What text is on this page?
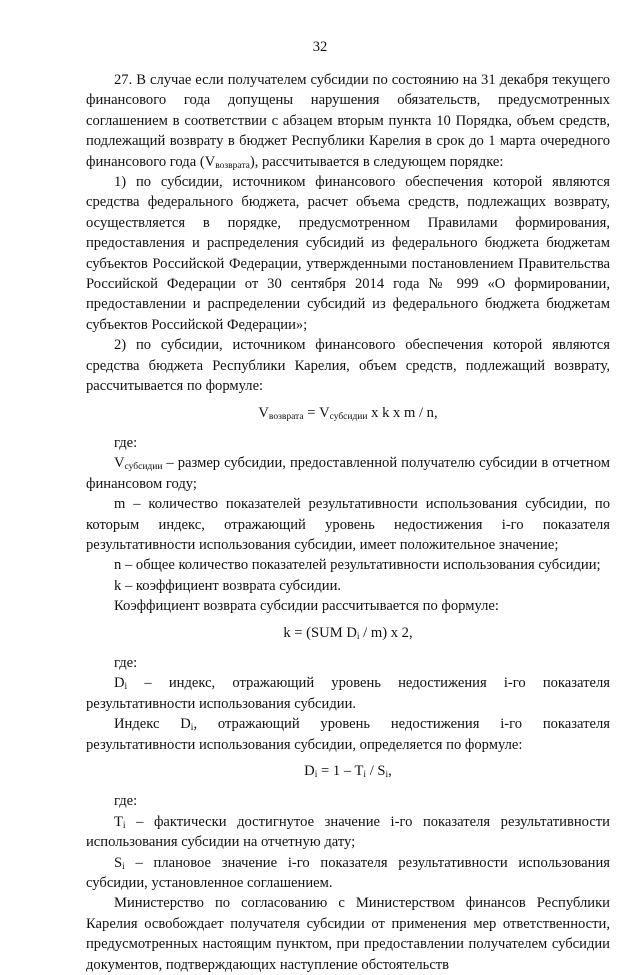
32

27. В случае если получателем субсидии по состоянию на 31 декабря текущего финансового года допущены нарушения обязательств, предусмотренных соглашением в соответствии с абзацем вторым пункта 10 Порядка, объем средств, подлежащий возврату в бюджет Республики Карелия в срок до 1 марта очередного финансового года $(V_{возврата})$, рассчитывается в следующем порядке:

1) по субсидии, источником финансового обеспечения которой являются средства федерального бюджета, расчет объема средств, подлежащих возврату, осуществляется в порядке, предусмотренном Правилами формирования, предоставления и распределения субсидий из федерального бюджета бюджетам субъектов Российской Федерации, утвержденными постановлением Правительства Российской Федерации от 30 сентября 2014 года № 999 «О формировании, предоставлении и распределении субсидий из федерального бюджета бюджетам субъектов Российской Федерации»;

2) по субсидии, источником финансового обеспечения которой являются средства бюджета Республики Карелия, объем средств, подлежащий возврату, рассчитывается по формуле:

$V_{возврата} = V_{субсидии}$ x k x m / n,

где:

$V_{субсидии}$ – размер субсидии, предоставленной получателю субсидии в отчетном финансовом году;

m – количество показателей результативности использования субсидии, по которым индекс, отражающий уровень недостижения i-го показателя результативности использования субсидии, имеет положительное значение;

n – общее количество показателей результативности использования субсидии;

k – коэффициент возврата субсидии.

Коэффициент возврата субсидии рассчитывается по формуле:

k = (SUM $D_i / m$) x 2,

где:

$D_i$ – индекс, отражающий уровень недостижения i-го показателя результативности использования субсидии.

Индекс $D_i$, отражающий уровень недостижения i-го показателя результативности использования субсидии, определяется по формуле:

$D_i = 1 - T_i / S_i$,

где:

$T_i$ – фактически достигнутое значение i-го показателя результативности использования субсидии на отчетную дату;

$S_i$ – плановое значение i-го показателя результативности использования субсидии, установленное соглашением.

Министерство по согласованию с Министерством финансов Республики Карелия освобождает получателя субсидии от применения мер ответственности, предусмотренных настоящим пунктом, при предоставлении получателем субсидии документов, подтверждающих наступление обстоятельств
